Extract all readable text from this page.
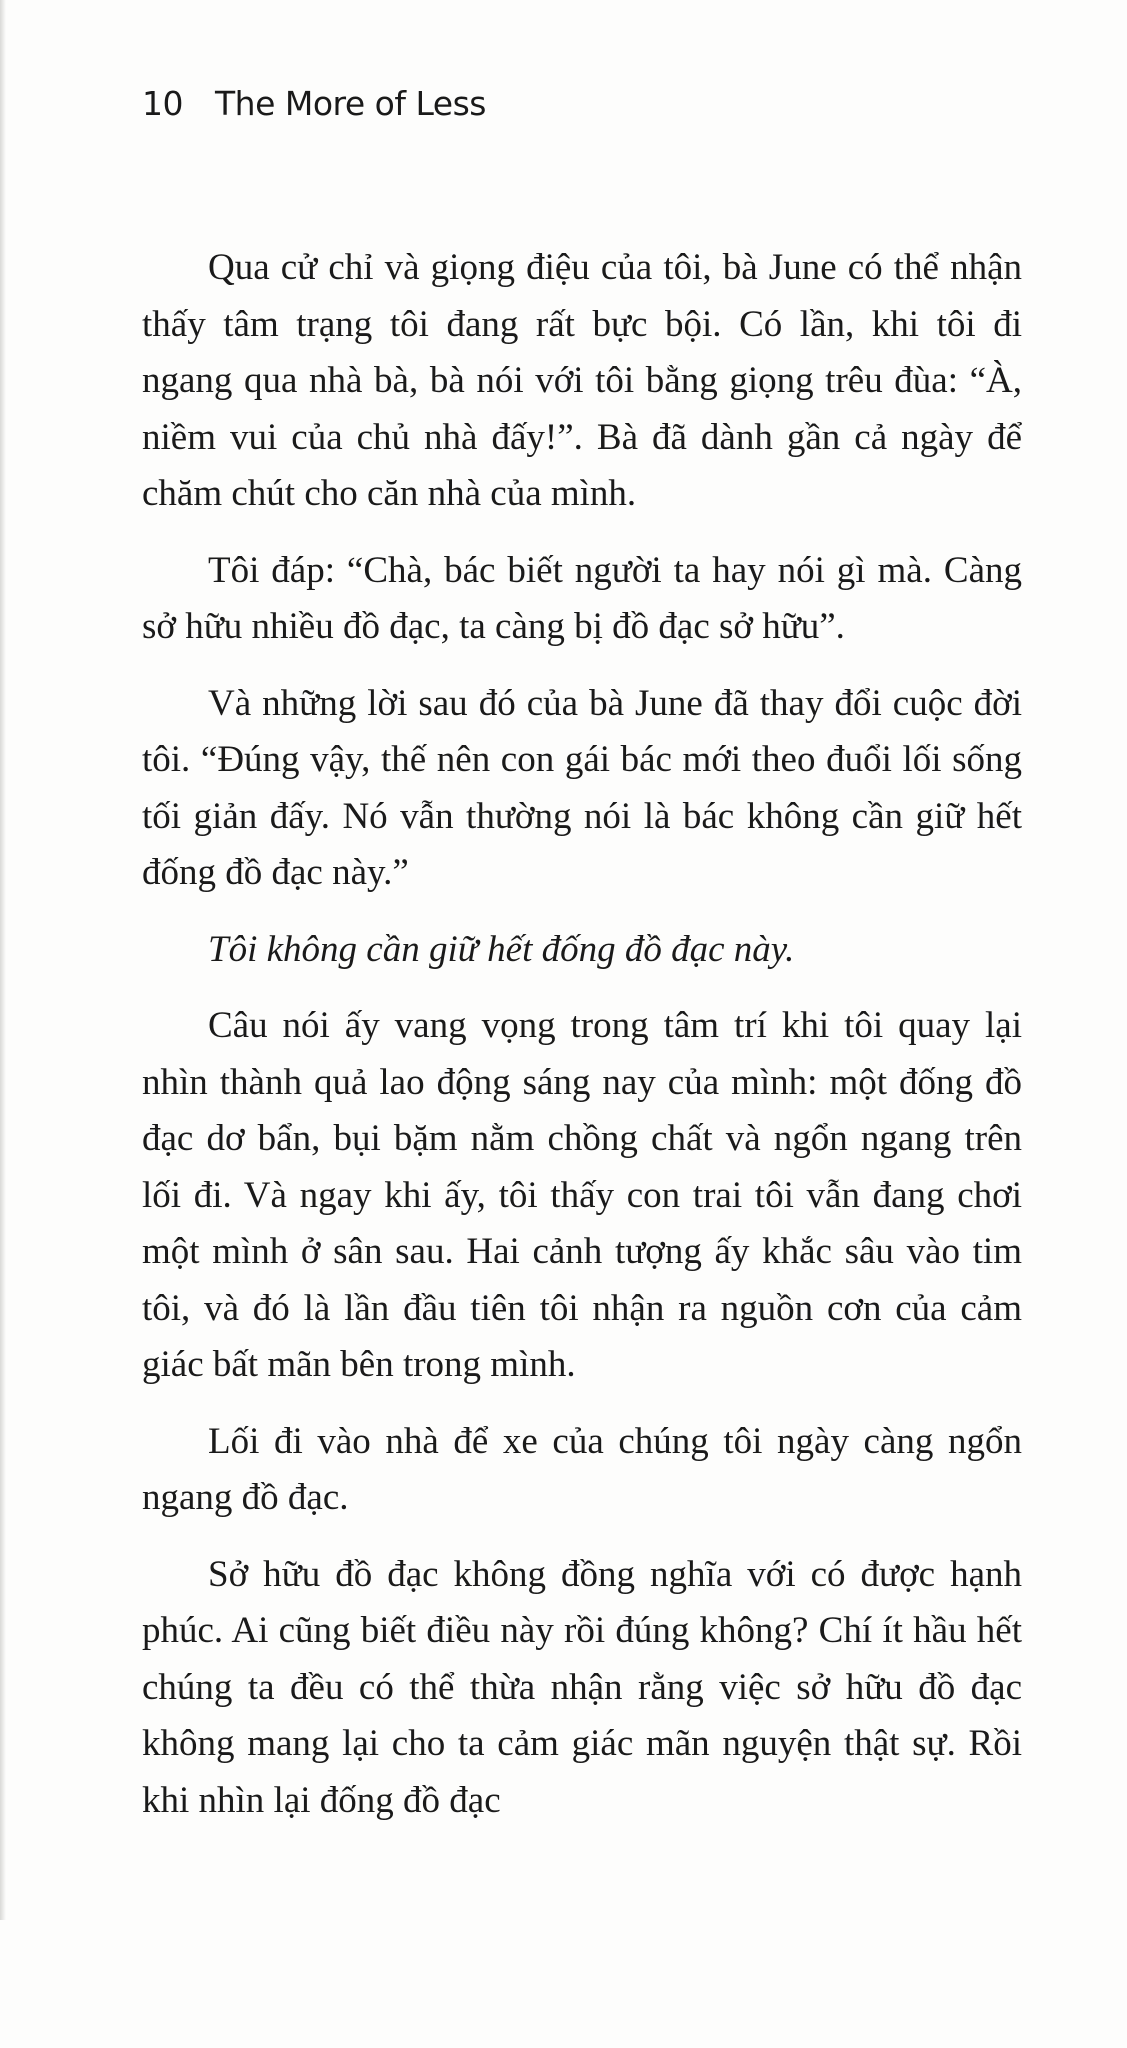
10 The More of Less

Qua cử chỉ và giọng điệu của tôi, bà June có thể nhận thấy tâm trạng tôi đang rất bực bội. Có lần, khi tôi đi ngang qua nhà bà, bà nói với tôi bằng giọng trêu đùa: “À, niềm vui của chủ nhà đấy!”. Bà đã dành gần cả ngày để chăm chút cho căn nhà của mình.

Tôi đáp: “Chà, bác biết người ta hay nói gì mà. Càng sở hữu nhiều đồ đạc, ta càng bị đồ đạc sở hữu”.

Và những lời sau đó của bà June đã thay đổi cuộc đời tôi. “Đúng vậy, thế nên con gái bác mới theo đuổi lối sống tối giản đấy. Nó vẫn thường nói là bác không cần giữ hết đống đồ đạc này.”

Tôi không cần giữ hết đống đồ đạc này.

Câu nói ấy vang vọng trong tâm trí khi tôi quay lại nhìn thành quả lao động sáng nay của mình: một đống đồ đạc dơ bẩn, bụi bặm nằm chồng chất và ngổn ngang trên lối đi. Và ngay khi ấy, tôi thấy con trai tôi vẫn đang chơi một mình ở sân sau. Hai cảnh tượng ấy khắc sâu vào tim tôi, và đó là lần đầu tiên tôi nhận ra nguồn cơn của cảm giác bất mãn bên trong mình.

Lối đi vào nhà để xe của chúng tôi ngày càng ngổn ngang đồ đạc.

Sở hữu đồ đạc không đồng nghĩa với có được hạnh phúc. Ai cũng biết điều này rồi đúng không? Chí ít hầu hết chúng ta đều có thể thừa nhận rằng việc sở hữu đồ đạc không mang lại cho ta cảm giác mãn nguyện thật sự. Rồi khi nhìn lại đống đồ đạc
